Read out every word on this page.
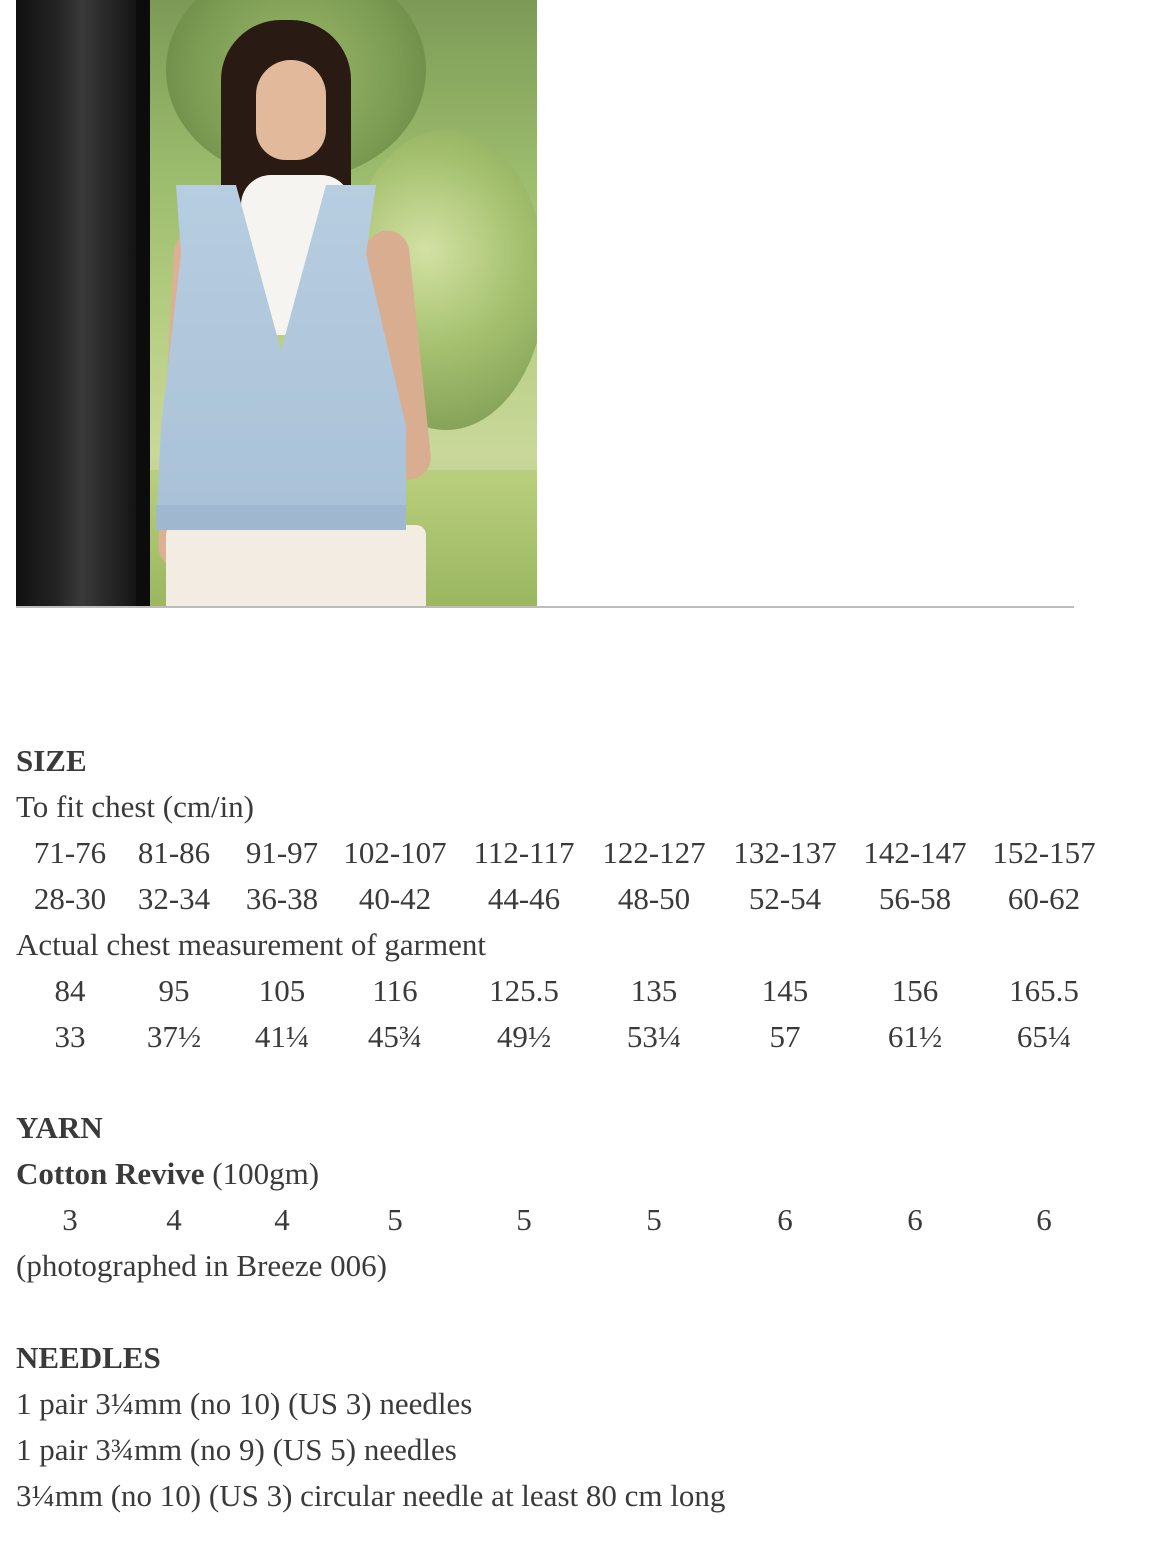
SIZE
To fit chest (cm/in)
71-76 81-86 91-97 102-107 112-117 122-127 132-137 142-147 152-157
28-30 32-34 36-38 40-42 44-46 48-50 52-54 56-58 60-62
Actual chest measurement of garment
84 95 105 116 125.5 135	145	156 165.5
33 37½ 41¼ 45¾ 49½ 53¼	57	61½ 65¼
YARN
Cotton Revive (100gm)
3	4	4	5	5	5	6	6	6
(photographed in Breeze 006)
NEEDLES
1 pair 3¼mm (no 10) (US 3) needles
1 pair 3¾mm (no 9) (US 5) needles
3¼mm (no 10) (US 3) circular needle at least 80 cm long
